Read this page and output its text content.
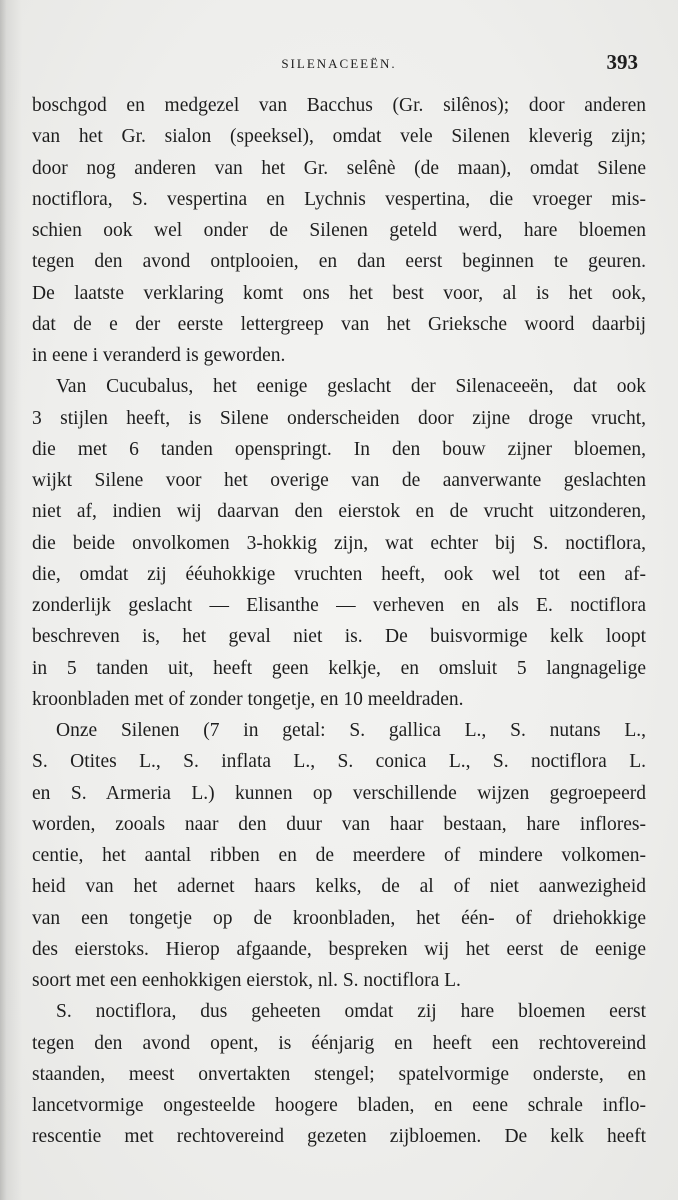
SILENACEEËN.	393
boschgod en medgezel van Bacchus (Gr. silênos); door anderen
van het Gr. sialon (speeksel), omdat vele Silenen kleverig zijn;
door nog anderen van het Gr. selênè (de maan), omdat Silene
noctiflora, S. vespertina en Lychnis vespertina, die vroeger mis-
schien ook wel onder de Silenen geteld werd, hare bloemen
tegen den avond ontplooien, en dan eerst beginnen te geuren.
De laatste verklaring komt ons het best voor, al is het ook,
dat de e der eerste lettergreep van het Grieksche woord daarbij
in eene i veranderd is geworden.
Van Cucubalus, het eenige geslacht der Silenaceeën, dat ook
3 stijlen heeft, is Silene onderscheiden door zijne droge vrucht,
die met 6 tanden openspringt. In den bouw zijner bloemen,
wijkt Silene voor het overige van de aanverwante geslachten
niet af, indien wij daarvan den eierstok en de vrucht uitzonderen,
die beide onvolkomen 3-hokkig zijn, wat echter bij S. noctiflora,
die, omdat zij ééuhokkige vruchten heeft, ook wel tot een af-
zonderlijk geslacht — Elisanthe — verheven en als E. noctiflora
beschreven is, het geval niet is. De buisvormige kelk loopt
in 5 tanden uit, heeft geen kelkje, en omsluit 5 langnagelige
kroonbladen met of zonder tongetje, en 10 meeldraden.
Onze Silenen (7 in getal: S. gallica L., S. nutans L.,
S. Otites L., S. inflata L., S. conica L., S. noctiflora L.
en S. Armeria L.) kunnen op verschillende wijzen gegroepeerd
worden, zooals naar den duur van haar bestaan, hare inflores-
centie, het aantal ribben en de meerdere of mindere volkomen-
heid van het adernet haars kelks, de al of niet aanwezigheid
van een tongetje op de kroonbladen, het één- of driehokkige
des eierstoks. Hierop afgaande, bespreken wij het eerst de eenige
soort met een eenhokkigen eierstok, nl. S. noctiflora L.
S. noctiflora, dus geheeten omdat zij hare bloemen eerst
tegen den avond opent, is éénjarig en heeft een rechtovereind
staanden, meest onvertakten stengel; spatelvormige onderste, en
lancetvormige ongesteelde hoogere bladen, en eene schrale inflo-
rescentie met rechtovereind gezeten zijbloemen. De kelk heeft
